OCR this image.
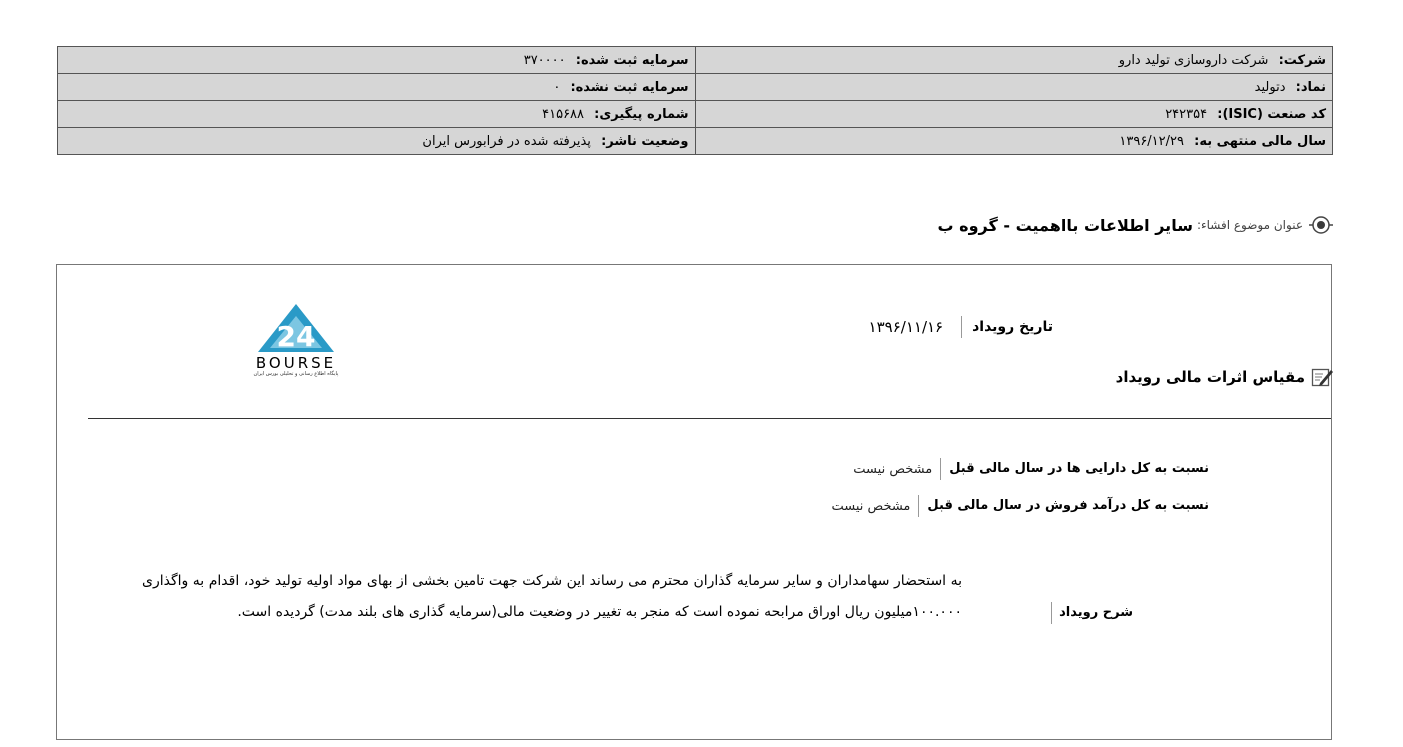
شرکت: شرکت داروسازی تولید دارو	سرمایه ثبت شده: ۳۷۰۰۰۰
نماد: دتولید	سرمایه ثبت نشده: ۰
کد صنعت (ISIC): ۲۴۲۳۵۴	شماره پیگیری: ۴۱۵۶۸۸
سال مالی منتهی به: ۱۳۹۶/۱۲/۲۹	وضعیت ناشر: پذیرفته شده در فرابورس ایران
عنوان موضوع افشاء:
سایر اطلاعات بااهمیت - گروه ب
24
BOURSE
پایگاه اطلاع رسانی و تحلیلی بورس ایران
تاریخ رویداد
۱۳۹۶/۱۱/۱۶
مقیاس اثرات مالی رویداد
نسبت به کل دارایی ها در سال مالی قبل
مشخص نیست
نسبت به کل درآمد فروش در سال مالی قبل
مشخص نیست
شرح رویداد
به استحضار سهامداران و سایر سرمایه گذاران محترم می رساند این شرکت جهت تامین بخشی از بهای مواد اولیه تولید خود، اقدام به واگذاری ۱۰۰.۰۰۰میلیون ریال اوراق مرابحه نموده است که منجر به تغییر در وضعیت مالی(سرمایه گذاری های بلند مدت) گردیده است.
